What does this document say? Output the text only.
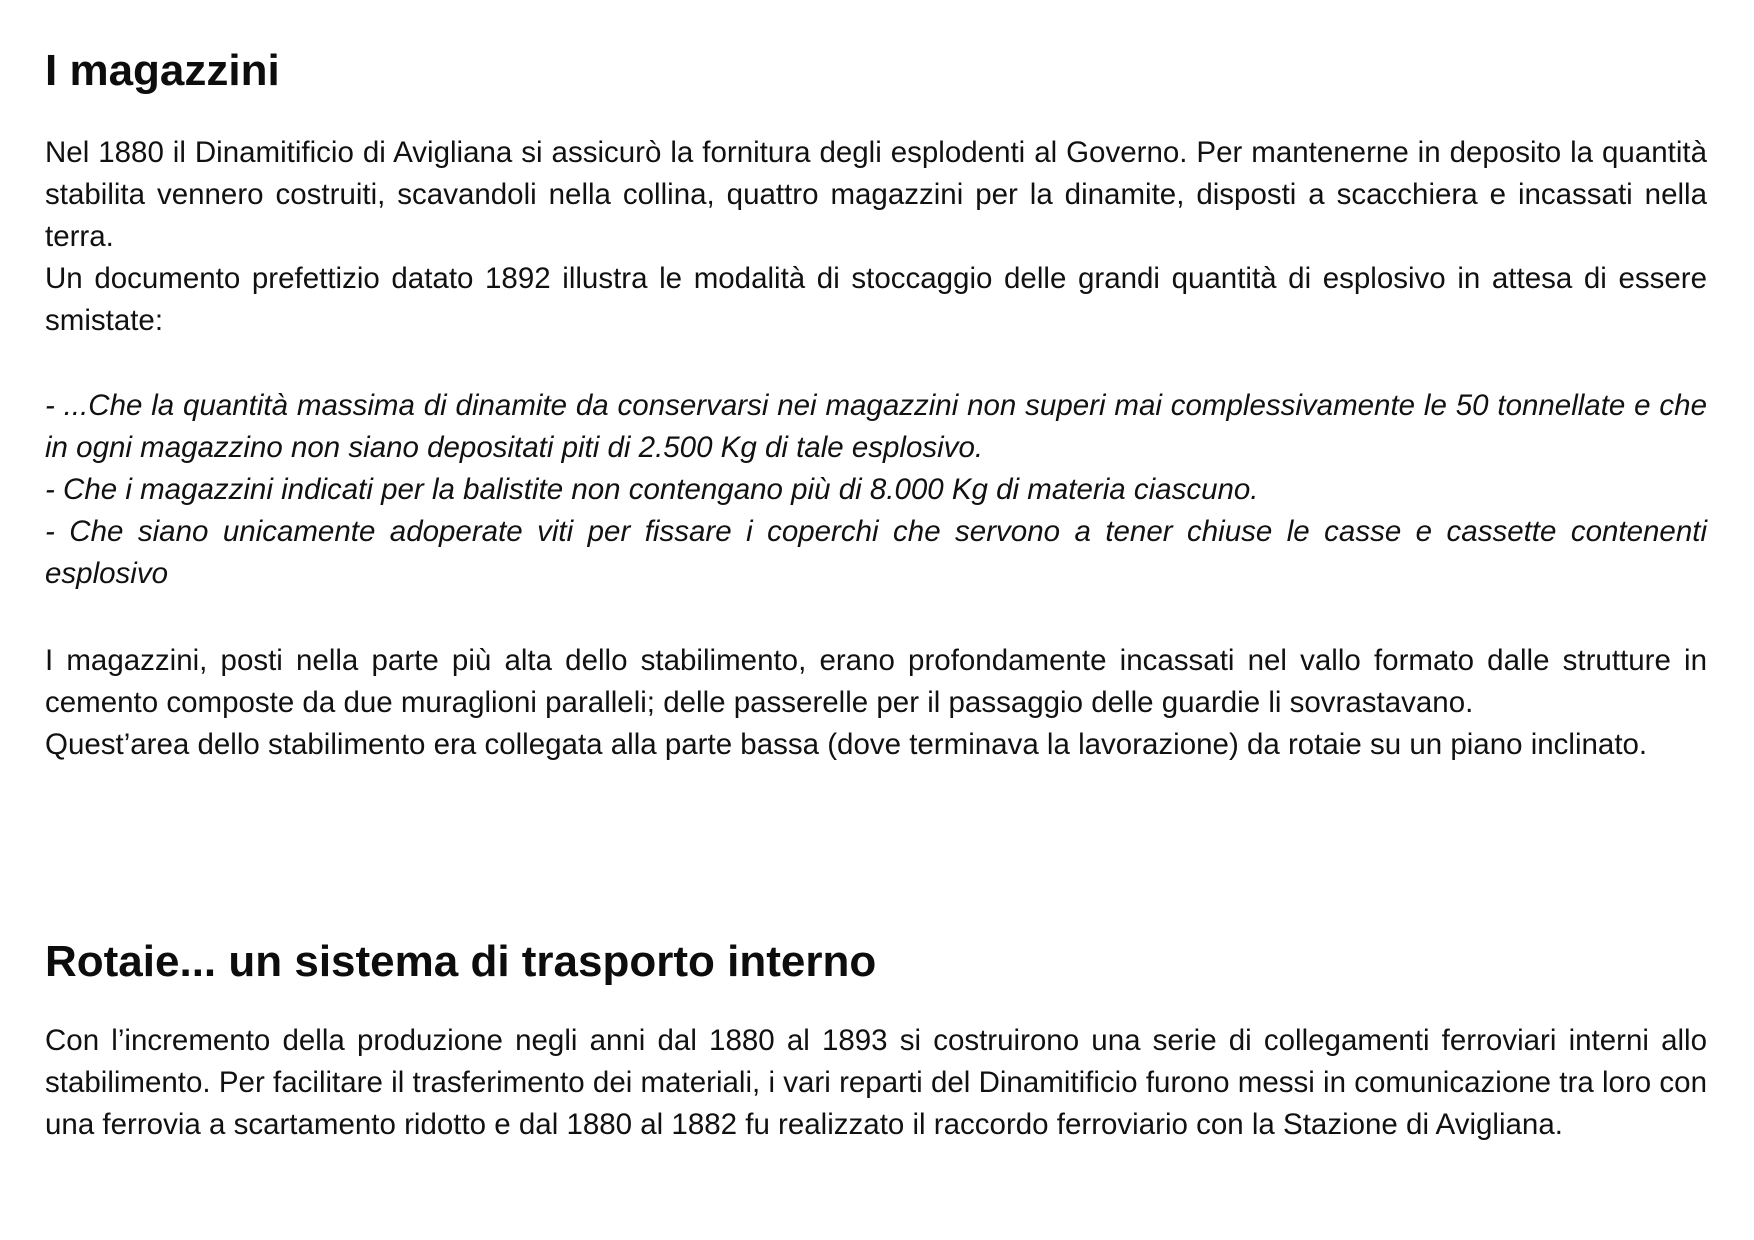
I magazzini

Nel 1880 il Dinamitificio di Avigliana si assicurò la fornitura degli esplodenti al Governo. Per mantenerne in deposito la quantità stabilita vennero costruiti, scavandoli nella collina, quattro magazzini per la dinamite, disposti a scacchiera e incassati nella terra.

Un documento prefettizio datato 1892 illustra le modalità di stoccaggio delle grandi quantità di esplosivo in attesa di essere smistate:

- ...Che la quantità massima di dinamite da conservarsi nei magazzini non superi mai complessivamente le 50 tonnellate e che in ogni magazzino non siano depositati piti di 2.500 Kg di tale esplosivo.

- Che i magazzini indicati per la balistite non contengano più di 8.000 Kg di materia ciascuno.

- Che siano unicamente adoperate viti per fissare i coperchi che servono a tener chiuse le casse e cassette contenenti esplosivo

I magazzini, posti nella parte più alta dello stabilimento, erano profondamente incassati nel vallo formato dalle strutture in cemento composte da due muraglioni paralleli; delle passerelle per il passaggio delle guardie li sovrastavano.

Quest’area dello stabilimento era collegata alla parte bassa (dove terminava la lavorazione) da rotaie su un piano inclinato.

Rotaie... un sistema di trasporto interno

Con l’incremento della produzione negli anni dal 1880 al 1893 si costruirono una serie di collegamenti ferroviari interni allo stabilimento. Per facilitare il trasferimento dei materiali, i vari reparti del Dinamitificio furono messi in comunicazione tra loro con una ferrovia a scartamento ridotto e dal 1880 al 1882 fu realizzato il raccordo ferroviario con la Stazione di Avigliana.
